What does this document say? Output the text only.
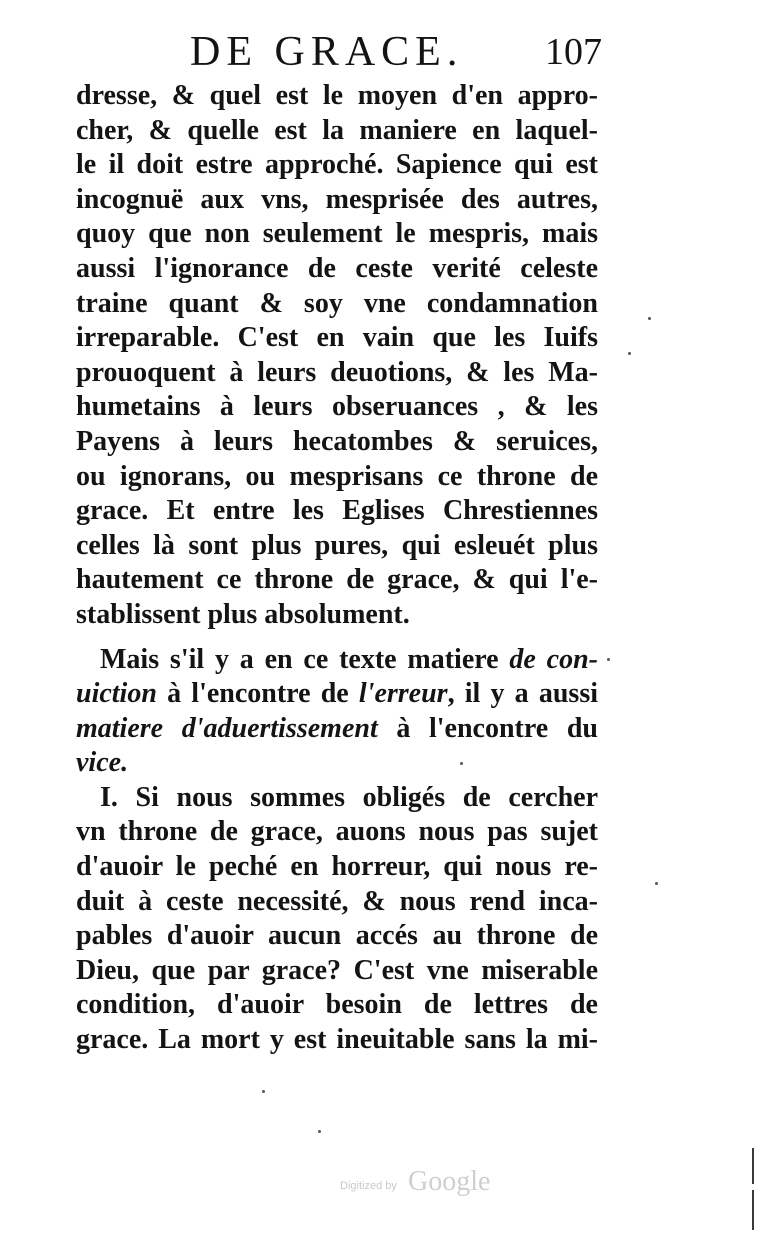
DE GRACE. 107
dresse, & quel est le moyen d'en appro-
cher, & quelle est la maniere en laquel-
le il doit estre approché. Sapience qui est
incognuë aux vns, mesprisée des autres,
quoy que non seulement le mespris, mais
aussi l'ignorance de ceste verité celeste
traine quant & soy vne condamnation
irreparable. C'est en vain que les Iuifs
prouoquent à leurs deuotions, & les Ma-
humetains à leurs obseruances , & les
Payens à leurs hecatombes & seruices,
ou ignorans, ou mesprisans ce throne de
grace. Et entre les Eglises Chrestiennes
celles là sont plus pures, qui esleuét plus
hautement ce throne de grace, & qui l'e-
stablissent plus absolument.
Mais s'il y a en ce texte matiere de con-
uiction à l'encontre de l'erreur, il y a aussi
matiere d'aduertissement à l'encontre du
vice.
I. Si nous sommes obligés de cercher
vn throne de grace, auons nous pas sujet
d'auoir le peché en horreur, qui nous re-
duit à ceste necessité, & nous rend inca-
pables d'auoir aucun accés au throne de
Dieu, que par grace? C'est vne miserable
condition, d'auoir besoin de lettres de
grace. La mort y est ineuitable sans la mi-
Digitized by Google
